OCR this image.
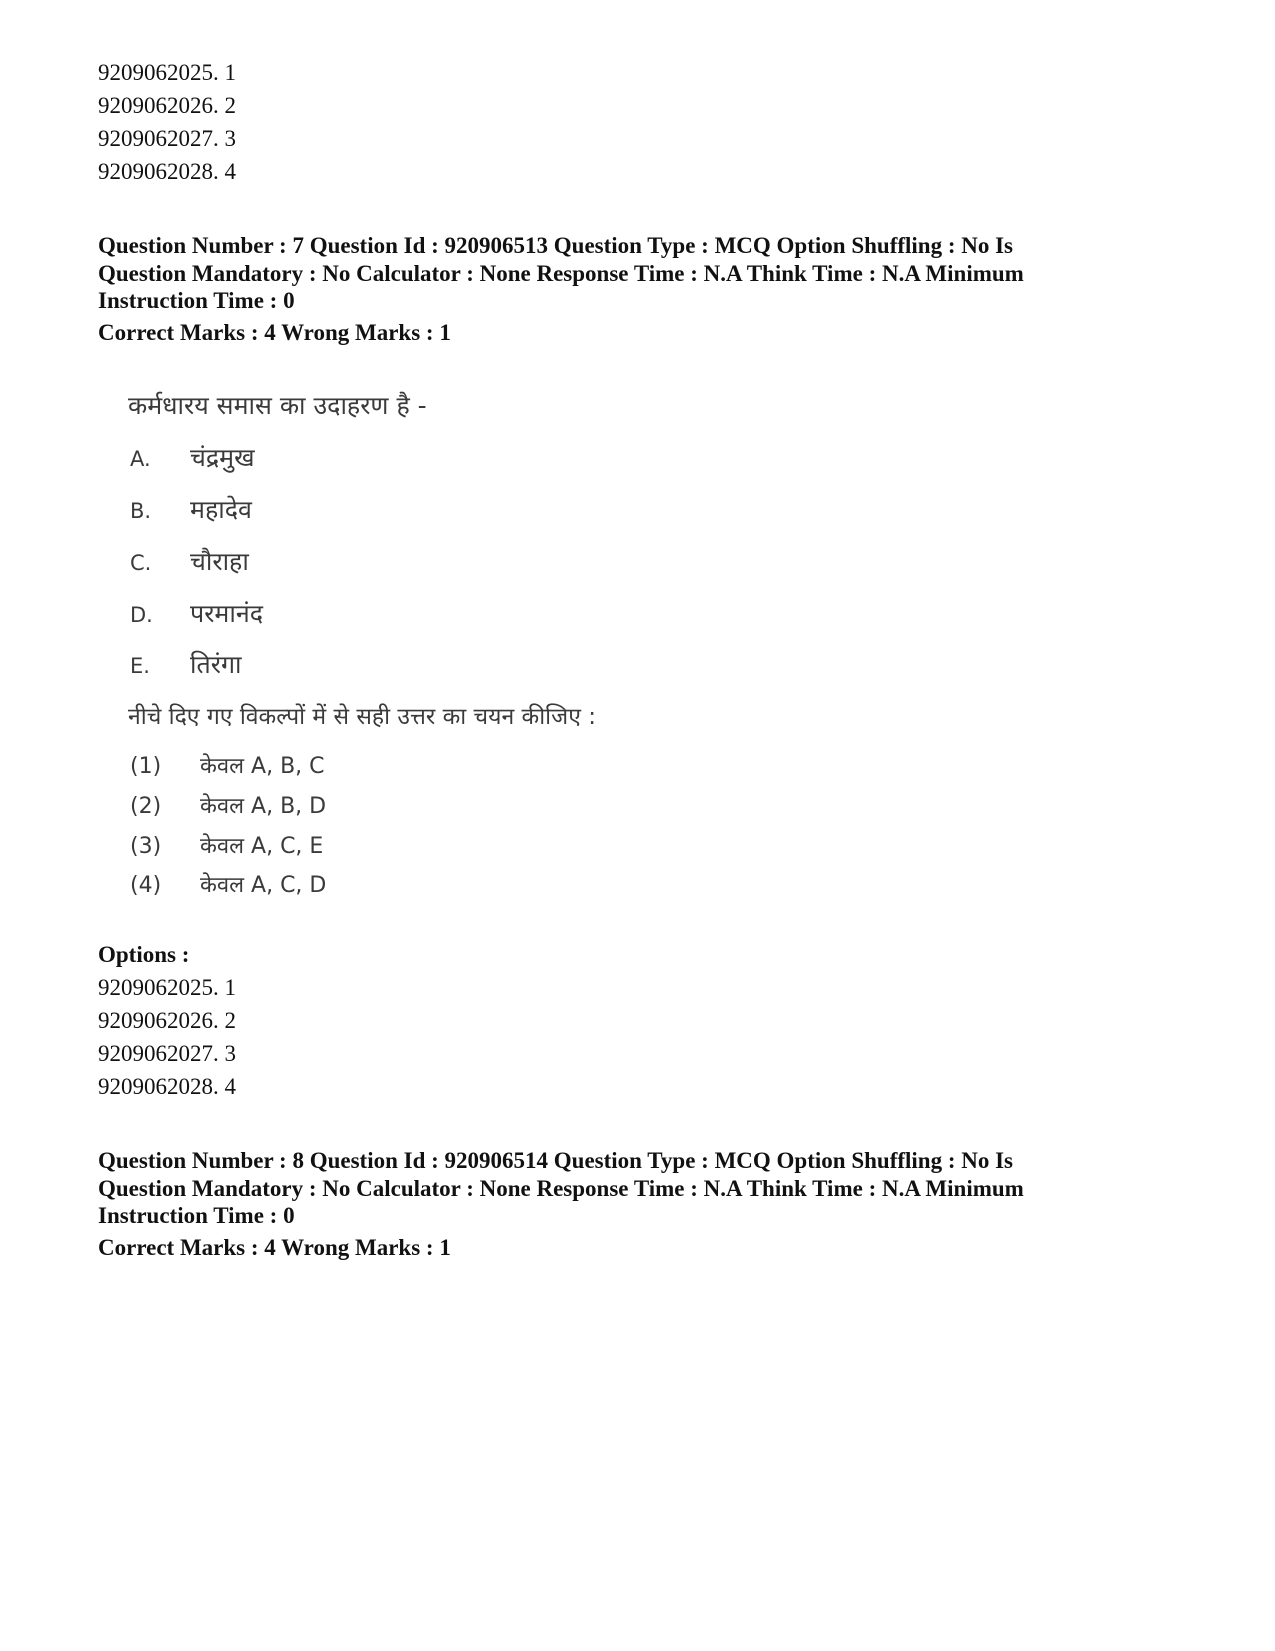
9209062025. 1
9209062026. 2
9209062027. 3
9209062028. 4
Question Number : 7 Question Id : 920906513 Question Type : MCQ Option Shuffling : No Is
Question Mandatory : No Calculator : None Response Time : N.A Think Time : N.A Minimum
Instruction Time : 0
Correct Marks : 4 Wrong Marks : 1
कर्मधारय समास का उदाहरण है -
A. चंद्रमुख
B. महादेव
C. चौराहा
D. परमानंद
E. तिरंगा
नीचे दिए गए विकल्पों में से सही उत्तर का चयन कीजिए :
(1) केवल A, B, C
(2) केवल A, B, D
(3) केवल A, C, E
(4) केवल A, C, D
Options :
9209062025. 1
9209062026. 2
9209062027. 3
9209062028. 4
Question Number : 8 Question Id : 920906514 Question Type : MCQ Option Shuffling : No Is
Question Mandatory : No Calculator : None Response Time : N.A Think Time : N.A Minimum
Instruction Time : 0
Correct Marks : 4 Wrong Marks : 1
